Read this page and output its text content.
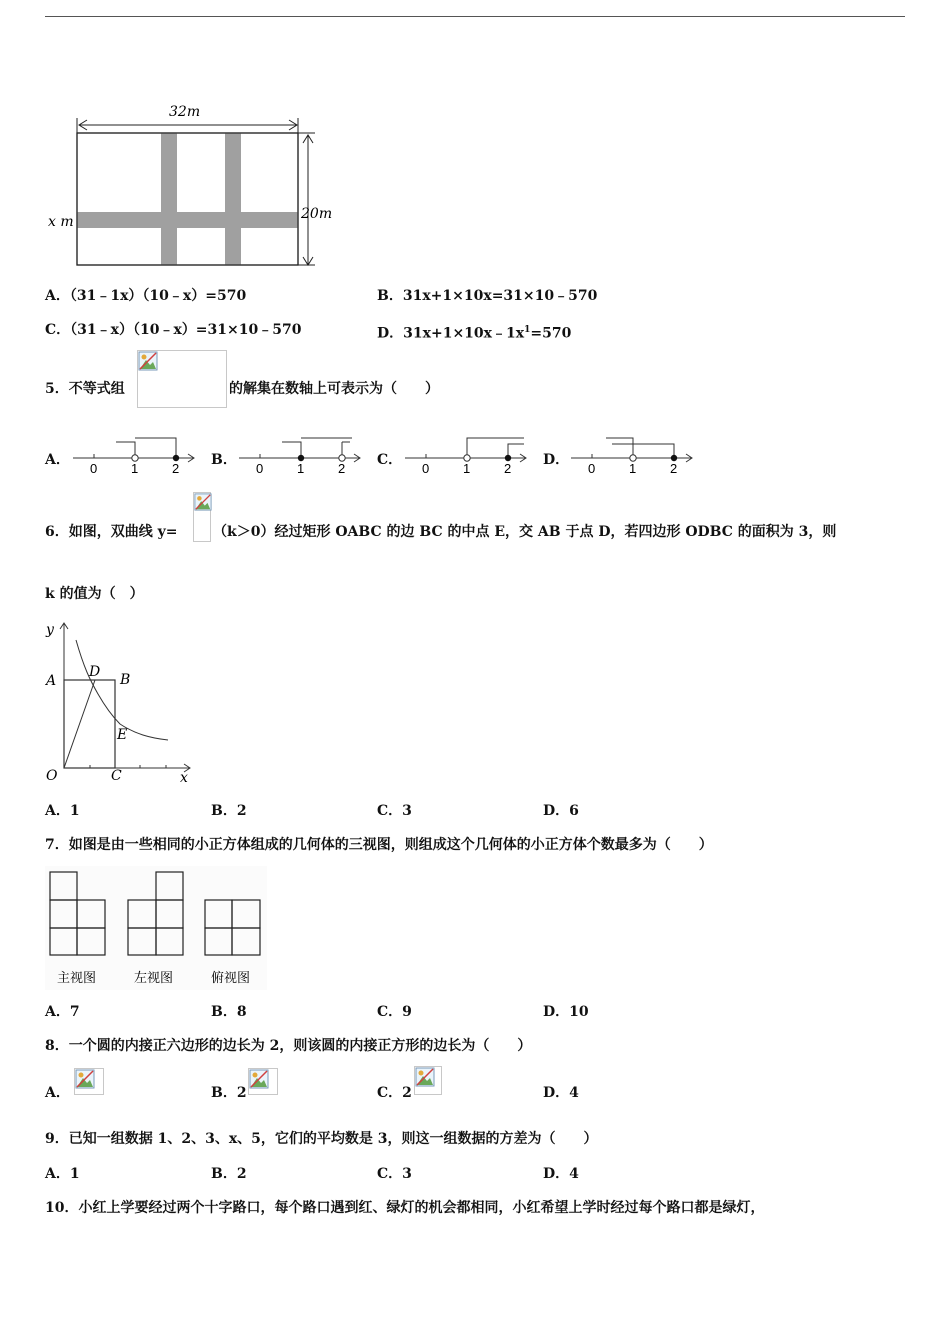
32m
20m
x m
A．（31﹣1x）（10﹣x）=570	B．31x+1×10x=31×10﹣570
C．（31﹣x）（10﹣x）=31×10﹣570	D．$31x+1\times 10x﹣1x^1=570$
5．不等式组	的解集在数轴上可表示为（　　）
A．
0	1	2
B．
0	1	2
C．
0	1	2
D．
0	1	2
6．如图，双曲线 y=	（k＞0）经过矩形 OABC 的边 BC 的中点 E，交 AB 于点 D，若四边形 ODBC 的面积为 3，则
k 的值为（　）
y
x
A	B
D
E
O	C
A．1	B．2	C．3	D．6
7．如图是由一些相同的小正方体组成的几何体的三视图，则组成这个几何体的小正方体个数最多为（　　）
主视图	左视图	俯视图
A．7	B．8	C．9	D．10
8．一个圆的内接正六边形的边长为 2，则该圆的内接正方形的边长为（　　）
A．	B．2	C．2	D．4
9．已知一组数据 1、2、3、x、5，它们的平均数是 3，则这一组数据的方差为（　　）
A．1	B．2	C．3	D．4
10．小红上学要经过两个十字路口，每个路口遇到红、绿灯的机会都相同，小红希望上学时经过每个路口都是绿灯，
